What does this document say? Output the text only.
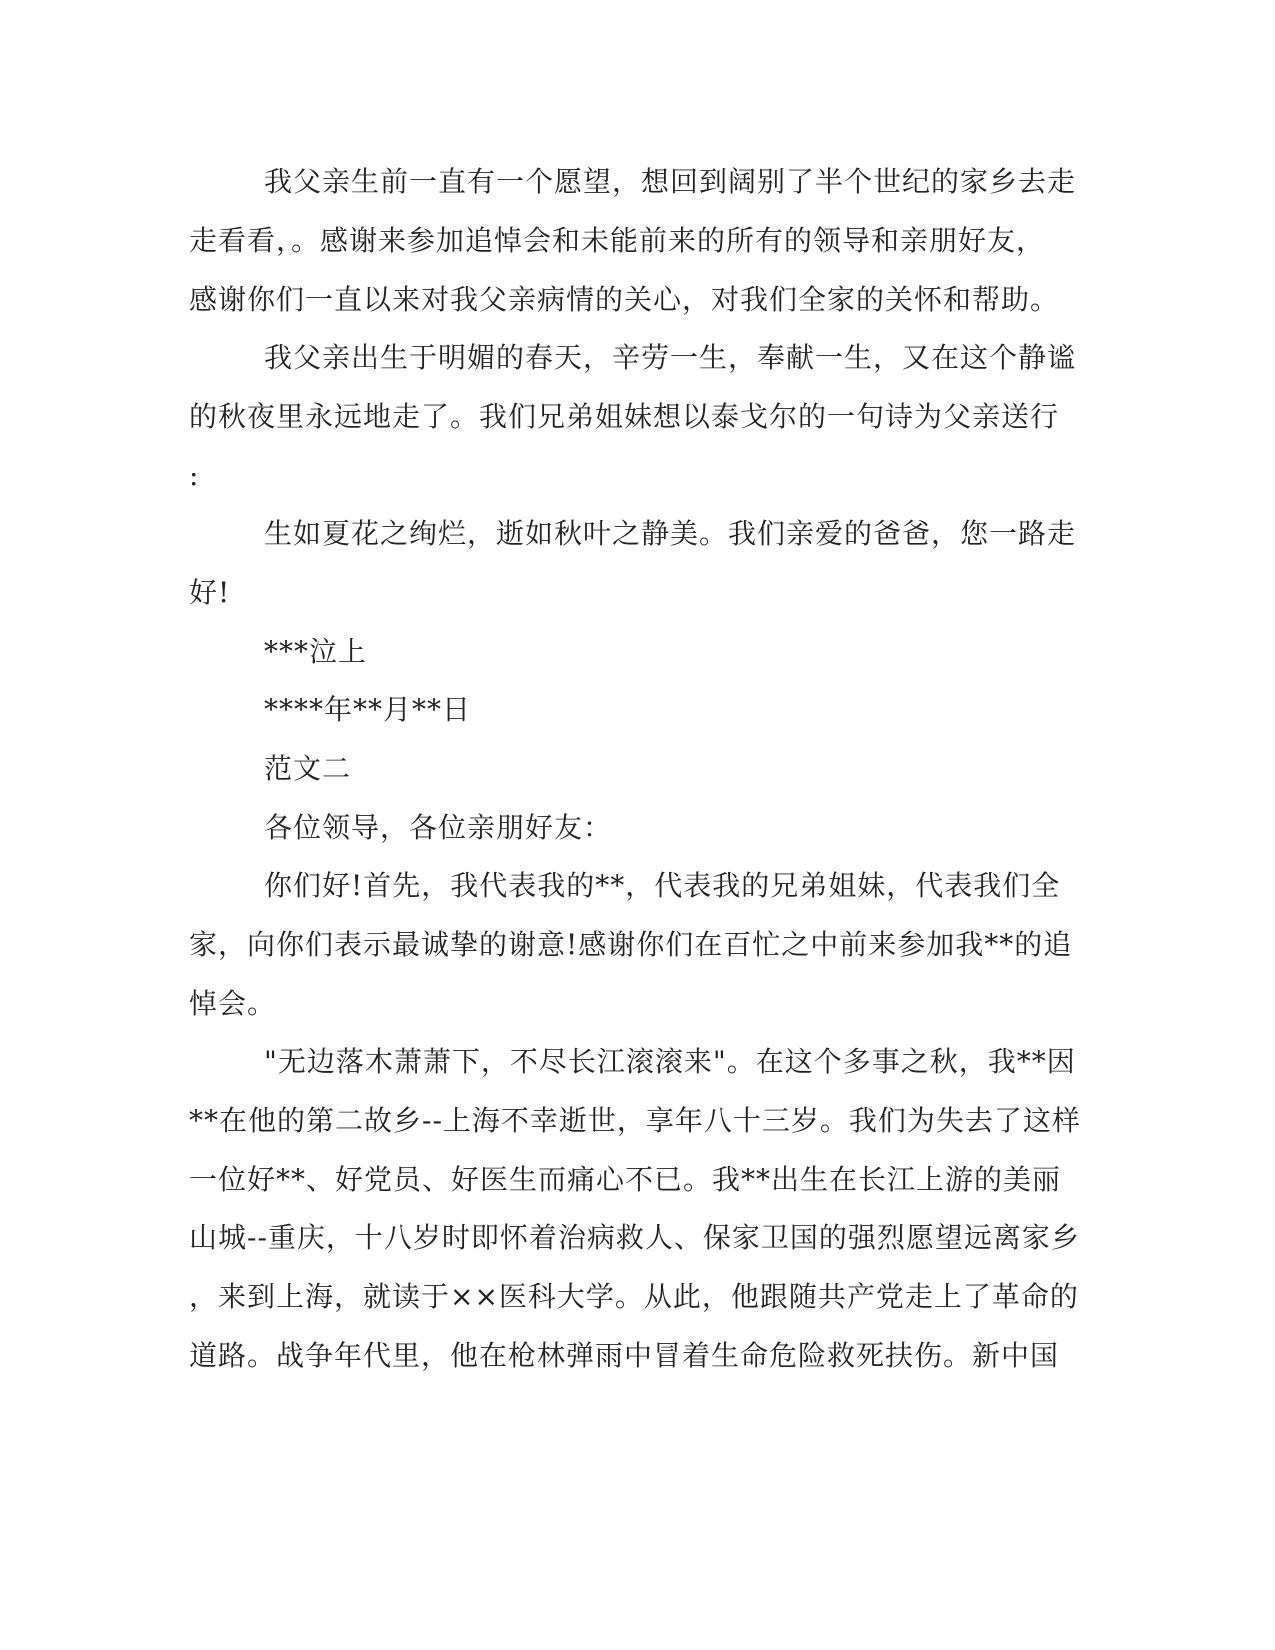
我父亲生前一直有一个愿望，想回到阔别了半个世纪的家乡去走
走看看，。感谢来参加追悼会和未能前来的所有的领导和亲朋好友，
感谢你们一直以来对我父亲病情的关心，对我们全家的关怀和帮助。
我父亲出生于明媚的春天，辛劳一生，奉献一生，又在这个静谧
的秋夜里永远地走了。我们兄弟姐妹想以泰戈尔的一句诗为父亲送行
:
生如夏花之绚烂，逝如秋叶之静美。我们亲爱的爸爸，您一路走
好!
***泣上
****年**月**日
范文二
各位领导，各位亲朋好友：
你们好!首先，我代表我的**，代表我的兄弟姐妹，代表我们全
家，向你们表示最诚挚的谢意!感谢你们在百忙之中前来参加我**的追
悼会。
"无边落木萧萧下，不尽长江滚滚来"。在这个多事之秋，我**因
**在他的第二故乡--上海不幸逝世，享年八十三岁。我们为失去了这样
一位好**、好党员、好医生而痛心不已。我**出生在长江上游的美丽
山城--重庆，十八岁时即怀着治病救人、保家卫国的强烈愿望远离家乡
，来到上海，就读于××医科大学。从此，他跟随共产党走上了革命的
道路。战争年代里，他在枪林弹雨中冒着生命危险救死扶伤。新中国
